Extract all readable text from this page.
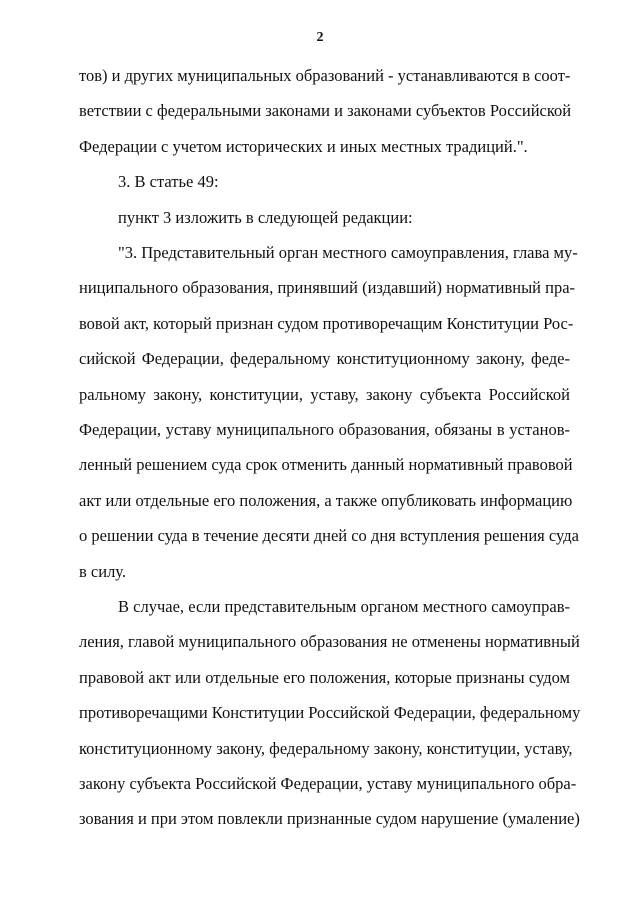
2
тов) и других муниципальных образований - устанавливаются в соот-
ветствии с федеральными законами и законами субъектов Российской
Федерации с учетом исторических и иных местных традиций.".
3. В статье 49:
пункт 3 изложить в следующей редакции:
"3. Представительный орган местного самоуправления, глава му-
ниципального образования, принявший (издавший) нормативный пра-
вовой акт, который признан судом противоречащим Конституции Рос-
сийской Федерации, федеральному конституционному закону, феде-
ральному закону, конституции, уставу, закону субъекта Российской
Федерации, уставу муниципального образования, обязаны в установ-
ленный решением суда срок отменить данный нормативный правовой
акт или отдельные его положения, а также опубликовать информацию
о решении суда в течение десяти дней со дня вступления решения суда
в силу.
В случае, если представительным органом местного самоуправ-
ления, главой муниципального образования не отменены нормативный
правовой акт или отдельные его положения, которые признаны судом
противоречащими Конституции Российской Федерации, федеральному
конституционному закону, федеральному закону, конституции, уставу,
закону субъекта Российской Федерации, уставу муниципального обра-
зования и при этом повлекли признанные судом нарушение (умаление)
